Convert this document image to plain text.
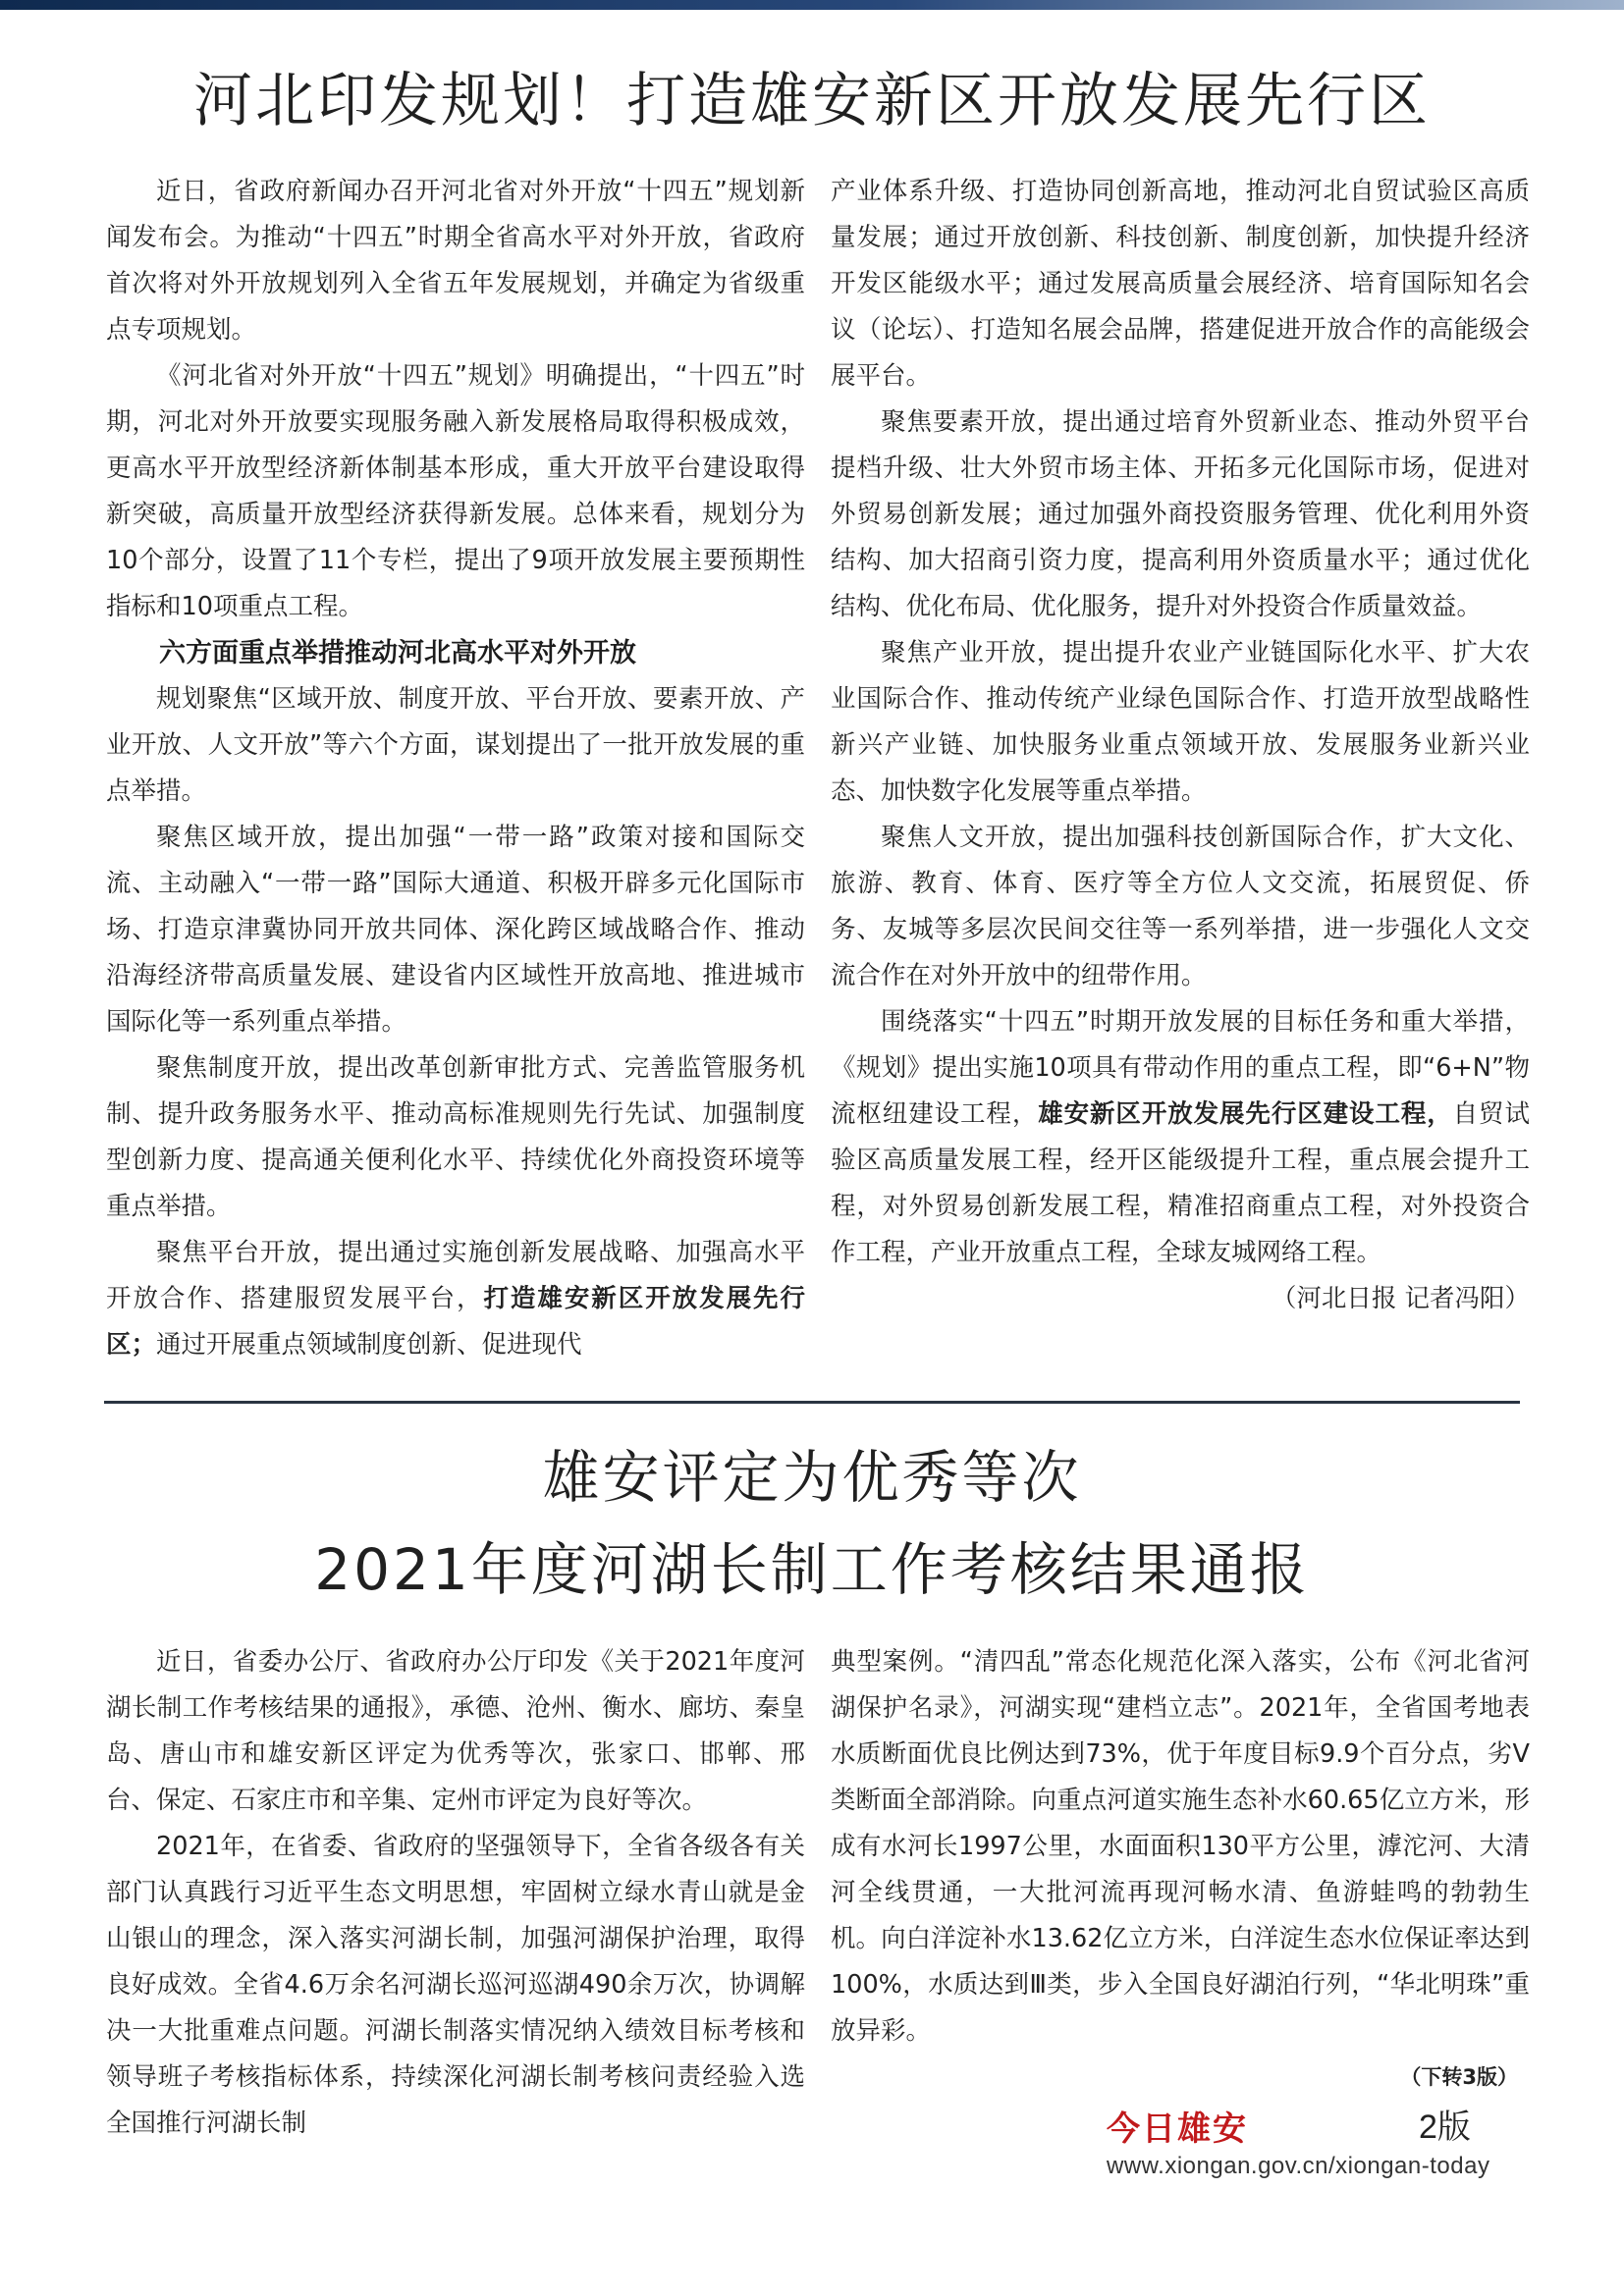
河北印发规划！打造雄安新区开放发展先行区

近日，省政府新闻办召开河北省对外开放“十四五”规划新闻发布会。为推动“十四五”时期全省高水平对外开放，省政府首次将对外开放规划列入全省五年发展规划，并确定为省级重点专项规划。

《河北省对外开放“十四五”规划》明确提出，“十四五”时期，河北对外开放要实现服务融入新发展格局取得积极成效，更高水平开放型经济新体制基本形成，重大开放平台建设取得新突破，高质量开放型经济获得新发展。总体来看，规划分为10个部分，设置了11个专栏，提出了9项开放发展主要预期性指标和10项重点工程。

六方面重点举措推动河北高水平对外开放

规划聚焦“区域开放、制度开放、平台开放、要素开放、产业开放、人文开放”等六个方面，谋划提出了一批开放发展的重点举措。

聚焦区域开放，提出加强“一带一路”政策对接和国际交流、主动融入“一带一路”国际大通道、积极开辟多元化国际市场、打造京津冀协同开放共同体、深化跨区域战略合作、推动沿海经济带高质量发展、建设省内区域性开放高地、推进城市国际化等一系列重点举措。

聚焦制度开放，提出改革创新审批方式、完善监管服务机制、提升政务服务水平、推动高标准规则先行先试、加强制度型创新力度、提高通关便利化水平、持续优化外商投资环境等重点举措。

聚焦平台开放，提出通过实施创新发展战略、加强高水平开放合作、搭建服贸发展平台，打造雄安新区开放发展先行区；通过开展重点领域制度创新、促进现代

产业体系升级、打造协同创新高地，推动河北自贸试验区高质量发展；通过开放创新、科技创新、制度创新，加快提升经济开发区能级水平；通过发展高质量会展经济、培育国际知名会议（论坛）、打造知名展会品牌，搭建促进开放合作的高能级会展平台。

聚焦要素开放，提出通过培育外贸新业态、推动外贸平台提档升级、壮大外贸市场主体、开拓多元化国际市场，促进对外贸易创新发展；通过加强外商投资服务管理、优化利用外资结构、加大招商引资力度，提高利用外资质量水平；通过优化结构、优化布局、优化服务，提升对外投资合作质量效益。

聚焦产业开放，提出提升农业产业链国际化水平、扩大农业国际合作、推动传统产业绿色国际合作、打造开放型战略性新兴产业链、加快服务业重点领域开放、发展服务业新兴业态、加快数字化发展等重点举措。

聚焦人文开放，提出加强科技创新国际合作，扩大文化、旅游、教育、体育、医疗等全方位人文交流，拓展贸促、侨务、友城等多层次民间交往等一系列举措，进一步强化人文交流合作在对外开放中的纽带作用。

围绕落实“十四五”时期开放发展的目标任务和重大举措，《规划》提出实施10项具有带动作用的重点工程，即“6+N”物流枢纽建设工程，雄安新区开放发展先行区建设工程，自贸试验区高质量发展工程，经开区能级提升工程，重点展会提升工程，对外贸易创新发展工程，精准招商重点工程，对外投资合作工程，产业开放重点工程，全球友城网络工程。

（河北日报 记者冯阳）
雄安评定为优秀等次
2021年度河湖长制工作考核结果通报

近日，省委办公厅、省政府办公厅印发《关于2021年度河湖长制工作考核结果的通报》，承德、沧州、衡水、廊坊、秦皇岛、唐山市和雄安新区评定为优秀等次，张家口、邯郸、邢台、保定、石家庄市和辛集、定州市评定为良好等次。

2021年，在省委、省政府的坚强领导下，全省各级各有关部门认真践行习近平生态文明思想，牢固树立绿水青山就是金山银山的理念，深入落实河湖长制，加强河湖保护治理，取得良好成效。全省4.6万余名河湖长巡河巡湖490余万次，协调解决一大批重难点问题。河湖长制落实情况纳入绩效目标考核和领导班子考核指标体系，持续深化河湖长制考核问责经验入选全国推行河湖长制

典型案例。“清四乱”常态化规范化深入落实，公布《河北省河湖保护名录》，河湖实现“建档立志”。2021年，全省国考地表水质断面优良比例达到73%，优于年度目标9.9个百分点，劣Ⅴ类断面全部消除。向重点河道实施生态补水60.65亿立方米，形成有水河长1997公里，水面面积130平方公里，滹沱河、大清河全线贯通，一大批河流再现河畅水清、鱼游蛙鸣的勃勃生机。向白洋淀补水13.62亿立方米，白洋淀生态水位保证率达到100%，水质达到Ⅲ类，步入全国良好湖泊行列，“华北明珠”重放异彩。

（下转3版）

今日雄安	2版

www.xiongan.gov.cn/xiongan-today
